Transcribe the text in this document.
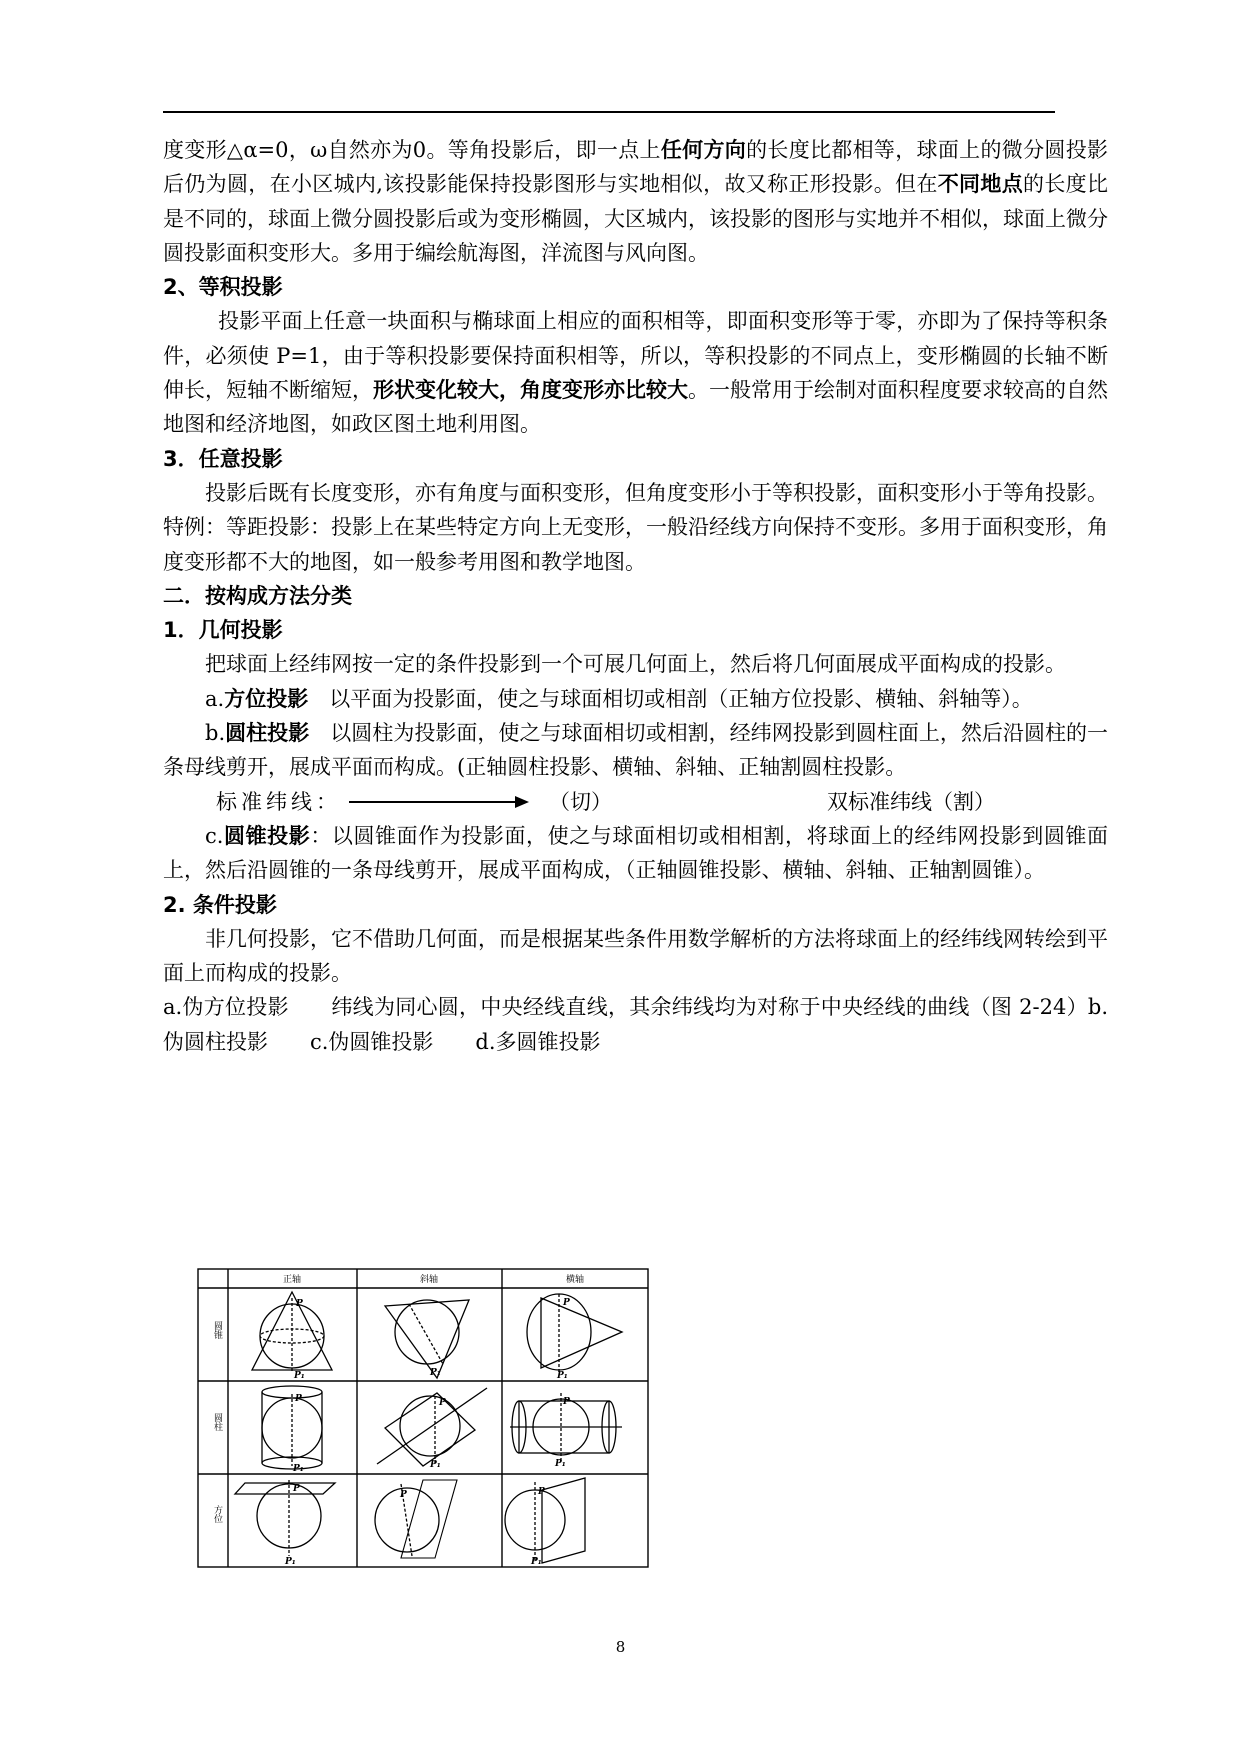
度变形△α=0，ω自然亦为0。等角投影后，即一点上任何方向的长度比都相等，球面上的微分圆投影后仍为圆，在小区城内,该投影能保持投影图形与实地相似，故又称正形投影。但在不同地点的长度比是不同的，球面上微分圆投影后或为变形椭圆，大区城内，该投影的图形与实地并不相似，球面上微分圆投影面积变形大。多用于编绘航海图，洋流图与风向图。

2、等积投影

投影平面上任意一块面积与椭球面上相应的面积相等，即面积变形等于零，亦即为了保持等积条件，必须使 P=1，由于等积投影要保持面积相等，所以，等积投影的不同点上，变形椭圆的长轴不断伸长，短轴不断缩短，形状变化较大，角度变形亦比较大。一般常用于绘制对面积程度要求较高的自然地图和经济地图，如政区图土地利用图。

3．任意投影

投影后既有长度变形，亦有角度与面积变形，但角度变形小于等积投影，面积变形小于等角投影。特例：等距投影：投影上在某些特定方向上无变形，一般沿经线方向保持不变形。多用于面积变形，角度变形都不大的地图，如一般参考用图和教学地图。

二．按构成方法分类

1．几何投影

把球面上经纬网按一定的条件投影到一个可展几何面上，然后将几何面展成平面构成的投影。

a.方位投影　以平面为投影面，使之与球面相切或相剖（正轴方位投影、横轴、斜轴等）。

b.圆柱投影　以圆柱为投影面，使之与球面相切或相割，经纬网投影到圆柱面上，然后沿圆柱的一条母线剪开，展成平面而构成。(正轴圆柱投影、横轴、斜轴、正轴割圆柱投影。

标准纬线：	（切）	双标准纬线（割）

c.圆锥投影：以圆锥面作为投影面，使之与球面相切或相相割，将球面上的经纬网投影到圆锥面上，然后沿圆锥的一条母线剪开，展成平面构成，（正轴圆锥投影、横轴、斜轴、正轴割圆锥）。

2. 条件投影

非几何投影，它不借助几何面，而是根据某些条件用数学解析的方法将球面上的经纬线网转绘到平面上而构成的投影。

a.伪方位投影　　纬线为同心圆，中央经线直线，其余纬线均为对称于中央经线的曲线（图 2-24）b.伪圆柱投影　　c.伪圆锥投影　　d.多圆锥投影

正轴	斜轴	横轴
圆锥
圆柱
方位
P
P₁
P
P₁
P₁
P
P₁
P
P₁
P
P₁
P
P₁
P	P
P₁
8
